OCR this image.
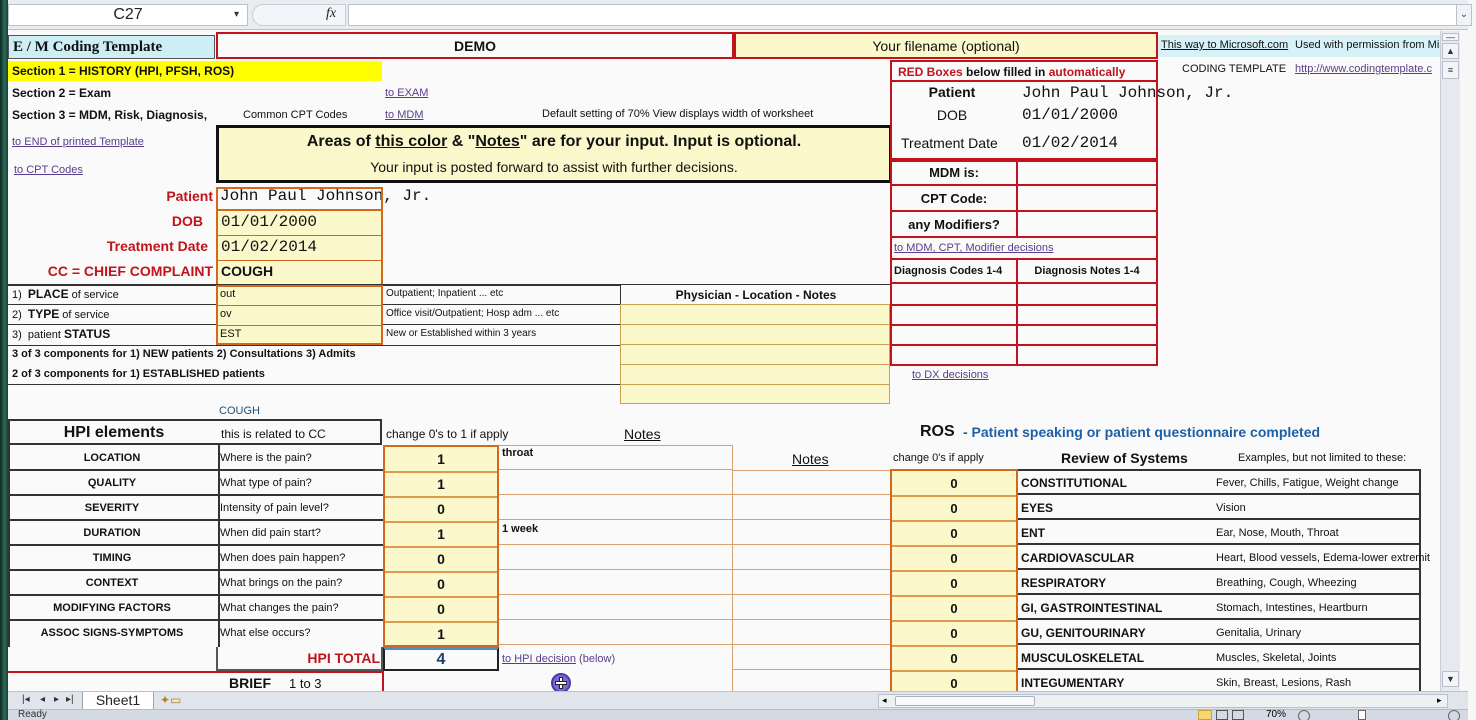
C27	▾	fx	⌄
E / M Coding Template	DEMO	Your filename (optional)	This way to Microsoft.com Used with permission from Mi
Section 1 = HISTORY (HPI, PFSH, ROS)
Section 2 = Exam
Section 3 = MDM, Risk, Diagnosis,	Common CPT Codes
to EXAM
to MDM	Default setting of 70% View displays width of worksheet
to END of printed Template
to CPT Codes
Areas of this color & "Notes" are for your input. Input is optional.
Your input is posted forward to assist with further decisions.
RED Boxes below filled in automatically	CODING TEMPLATE http://www.codingtemplate.c
Patient	John Paul Johnson, Jr.
DOB	01/01/2000
Treatment Date 01/02/2014
MDM is:
CPT Code:
any Modifiers?
to MDM, CPT, Modifier decisions
Diagnosis Codes 1-4	Diagnosis Notes 1-4
to DX decisions
Patient John Paul Johnson, Jr.
DOB 01/01/2000
Treatment Date 01/02/2014
CC = CHIEF COMPLAINT COUGH
1) PLACE of service	out	Outpatient; Inpatient ... etc
2) TYPE of service	ov	Office visit/Outpatient; Hosp adm ... etc
3) patient STATUS	EST	New or Established within 3 years
3 of 3 components for 1) NEW patients 2) Consultations 3) Admits
2 of 3 components for 1) ESTABLISHED patients
Physician - Location - Notes
COUGH
HPI elements	this is related to CC	change 0's to 1 if apply	Notes
Notes
LOCATION	Where is the pain?	1	throat
QUALITY	What type of pain?	1
SEVERITY	Intensity of pain level?	0
DURATION	When did pain start?	1	1 week
TIMING	When does pain happen?	0
CONTEXT	What brings on the pain?	0
MODIFYING FACTORS	What changes the pain?	0
ASSOC SIGNS-SYMPTOMS	What else occurs?	1
HPI TOTAL	4	to HPI decision (below)
BRIEF 1 to 3
ROS - Patient speaking or patient questionnaire completed
change 0's if apply	Review of Systems	Examples, but not limited to these:
0	CONSTITUTIONAL	Fever, Chills, Fatigue, Weight change
0	EYES	Vision
0	ENT	Ear, Nose, Mouth, Throat
0	CARDIOVASCULAR	Heart, Blood vessels, Edema-lower extremit
0	RESPIRATORY	Breathing, Cough, Wheezing
0	GI, GASTROINTESTINAL	Stomach, Intestines, Heartburn
0	GU, GENITOURINARY	Genitalia, Urinary
0	MUSCULOSKELETAL	Muscles, Skeletal, Joints
0	INTEGUMENTARY	Skin, Breast, Lesions, Rash
—
▲
≡
▼
|◂ ◂ ▸ ▸|	Sheet1	✦▭	◂	▸
Ready	70%
